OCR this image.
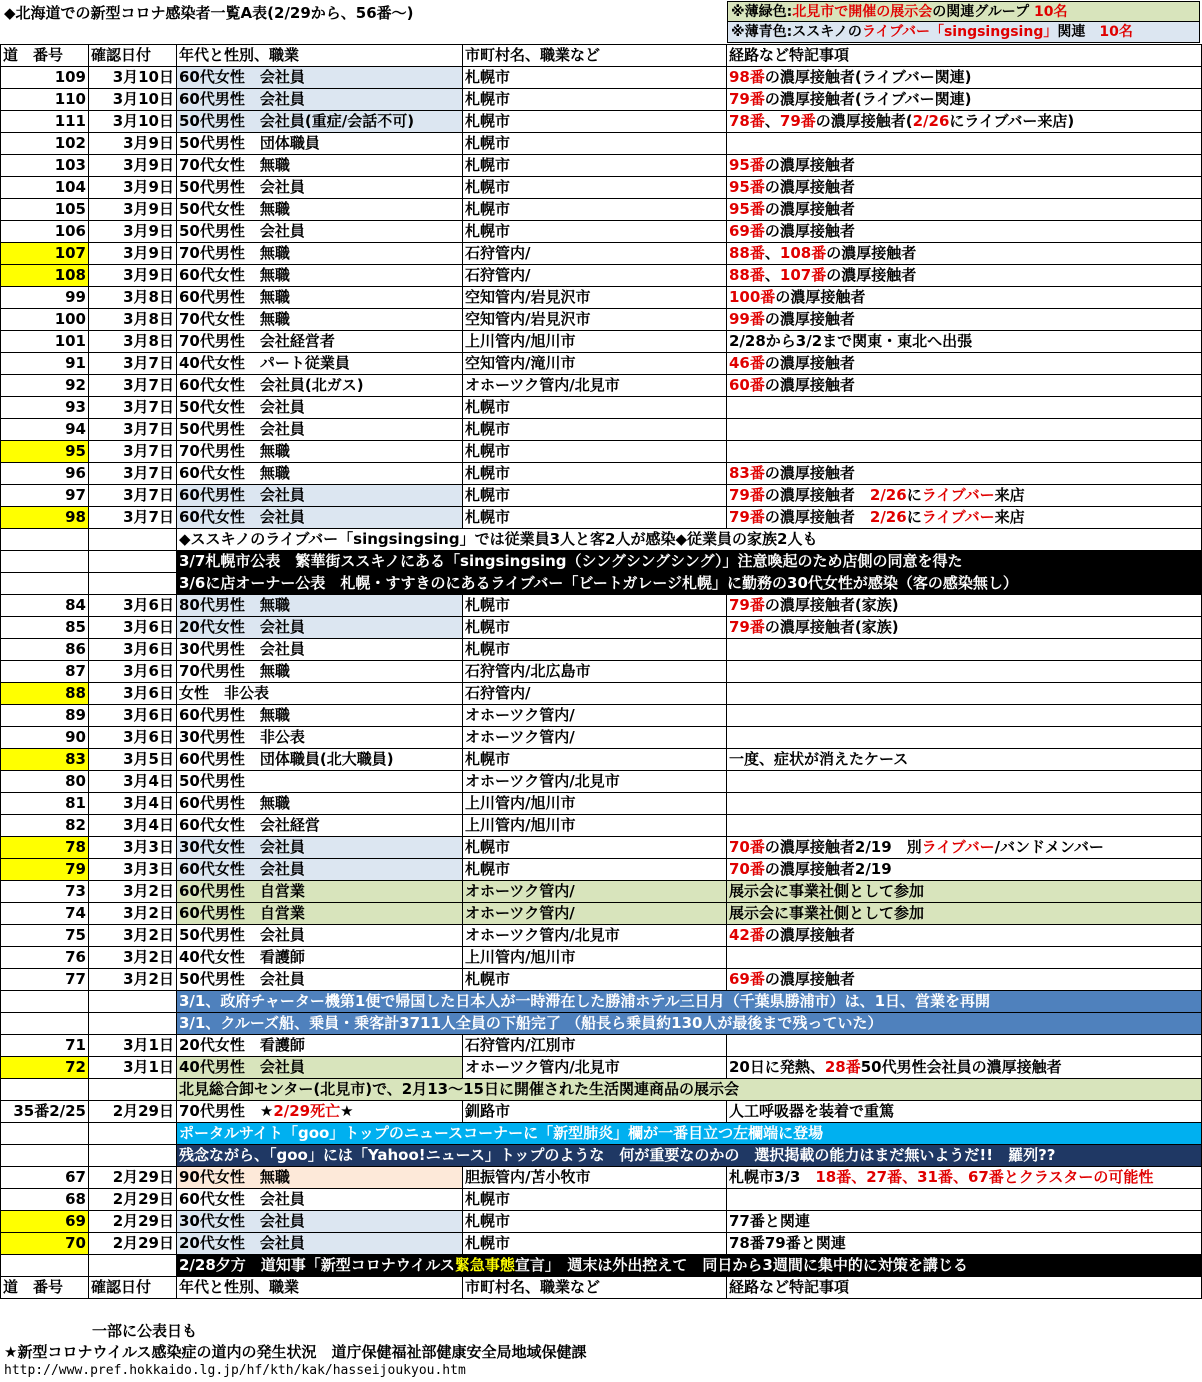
◆北海道での新型コロナ感染者一覧A表(2/29から、56番～)	※薄緑色:北見市で開催の展示会の関連グループ 10名
※薄青色:ススキノのライブバー「singsingsing」関連　10名
道　番号	確認日付	年代と性別、職業	市町村名、職業など	経路など特記事項
109	3月10日	60代女性　会社員	札幌市	98番の濃厚接触者(ライブバー関連)
110	3月10日	60代男性　会社員	札幌市	79番の濃厚接触者(ライブバー関連)
111	3月10日	50代男性　会社員(重症/会話不可)	札幌市	78番、79番の濃厚接触者(2/26にライブバー来店)
102	3月9日	50代男性　団体職員	札幌市	
103	3月9日	70代女性　無職	札幌市	95番の濃厚接触者
104	3月9日	50代男性　会社員	札幌市	95番の濃厚接触者
105	3月9日	50代女性　無職	札幌市	95番の濃厚接触者
106	3月9日	50代男性　会社員	札幌市	69番の濃厚接触者
107	3月9日	70代男性　無職	石狩管内/	88番、108番の濃厚接触者
108	3月9日	60代女性　無職	石狩管内/	88番、107番の濃厚接触者
99	3月8日	60代男性　無職	空知管内/岩見沢市	100番の濃厚接触者
100	3月8日	70代女性　無職	空知管内/岩見沢市	99番の濃厚接触者
101	3月8日	70代男性　会社経営者	上川管内/旭川市	2/28から3/2まで関東・東北へ出張
91	3月7日	40代女性　パート従業員	空知管内/滝川市	46番の濃厚接触者
92	3月7日	60代女性　会社員(北ガス)	オホーツク管内/北見市	60番の濃厚接触者
93	3月7日	50代女性　会社員	札幌市	
94	3月7日	50代男性　会社員	札幌市	
95	3月7日	70代男性　無職	札幌市	
96	3月7日	60代女性　無職	札幌市	83番の濃厚接触者
97	3月7日	60代男性　会社員	札幌市	79番の濃厚接触者　2/26にライブバー来店
98	3月7日	60代女性　会社員	札幌市	79番の濃厚接触者　2/26にライブバー来店
		◆ススキノのライブバー「singsingsing」では従業員3人と客2人が感染◆従業員の家族2人も		
		3/7札幌市公表　繁華街ススキノにある「singsingsing（シングシングシング）」注意喚起のため店側の同意を得た		
		3/6に店オーナー公表　札幌・すすきのにあるライブバー「ビートガレージ札幌」に勤務の30代女性が感染（客の感染無し）		
84	3月6日	80代男性　無職	札幌市	79番の濃厚接触者(家族)
85	3月6日	20代女性　会社員	札幌市	79番の濃厚接触者(家族)
86	3月6日	30代男性　会社員	札幌市	
87	3月6日	70代男性　無職	石狩管内/北広島市	
88	3月6日	女性　非公表	石狩管内/	
89	3月6日	60代男性　無職	オホーツク管内/	
90	3月6日	30代男性　非公表	オホーツク管内/	
83	3月5日	60代男性　団体職員(北大職員)	札幌市	一度、症状が消えたケース
80	3月4日	50代男性	オホーツク管内/北見市	
81	3月4日	60代男性　無職	上川管内/旭川市	
82	3月4日	60代女性　会社経営	上川管内/旭川市	
78	3月3日	30代女性　会社員	札幌市	70番の濃厚接触者2/19　別ライブバー/バンドメンバー
79	3月3日	60代女性　会社員	札幌市	70番の濃厚接触者2/19
73	3月2日	60代男性　自営業	オホーツク管内/	展示会に事業社側として参加
74	3月2日	60代男性　自営業	オホーツク管内/	展示会に事業社側として参加
75	3月2日	50代男性　会社員	オホーツク管内/北見市	42番の濃厚接触者
76	3月2日	40代女性　看護師	上川管内/旭川市	
77	3月2日	50代男性　会社員	札幌市	69番の濃厚接触者
		3/1、政府チャーター機第1便で帰国した日本人が一時滞在した勝浦ホテル三日月（千葉県勝浦市）は、1日、営業を再開		
		3/1、クルーズ船、乗員・乗客計3711人全員の下船完了 （船長ら乗員約130人が最後まで残っていた）		
71	3月1日	20代女性　看護師	石狩管内/江別市	
72	3月1日	40代男性　会社員	オホーツク管内/北見市	20日に発熱、28番50代男性会社員の濃厚接触者
		北見総合卸センター(北見市)で、2月13～15日に開催された生活関連商品の展示会		
35番2/25	2月29日	70代男性　★2/29死亡★	釧路市	人工呼吸器を装着で重篤
		ポータルサイト「goo」トップのニュースコーナーに「新型肺炎」欄が一番目立つ左欄端に登場		
		残念ながら、「goo」には「Yahoo!ニュース」トップのような　何が重要なのかの　選択掲載の能力はまだ無いようだ!!　羅列??		
67	2月29日	90代女性　無職	胆振管内/苫小牧市	札幌市3/3　18番、27番、31番、67番とクラスターの可能性
68	2月29日	60代女性　会社員	札幌市	
69	2月29日	30代女性　会社員	札幌市	77番と関連
70	2月29日	20代女性　会社員	札幌市	78番79番と関連
		2/28夕方　道知事「新型コロナウイルス緊急事態宣言」　週末は外出控えて　同日から3週間に集中的に対策を講じる		
道　番号	確認日付	年代と性別、職業	市町村名、職業など	経路など特記事項
一部に公表日も
★新型コロナウイルス感染症の道内の発生状況　道庁保健福祉部健康安全局地域保健課
http://www.pref.hokkaido.lg.jp/hf/kth/kak/hasseijoukyou.htm
